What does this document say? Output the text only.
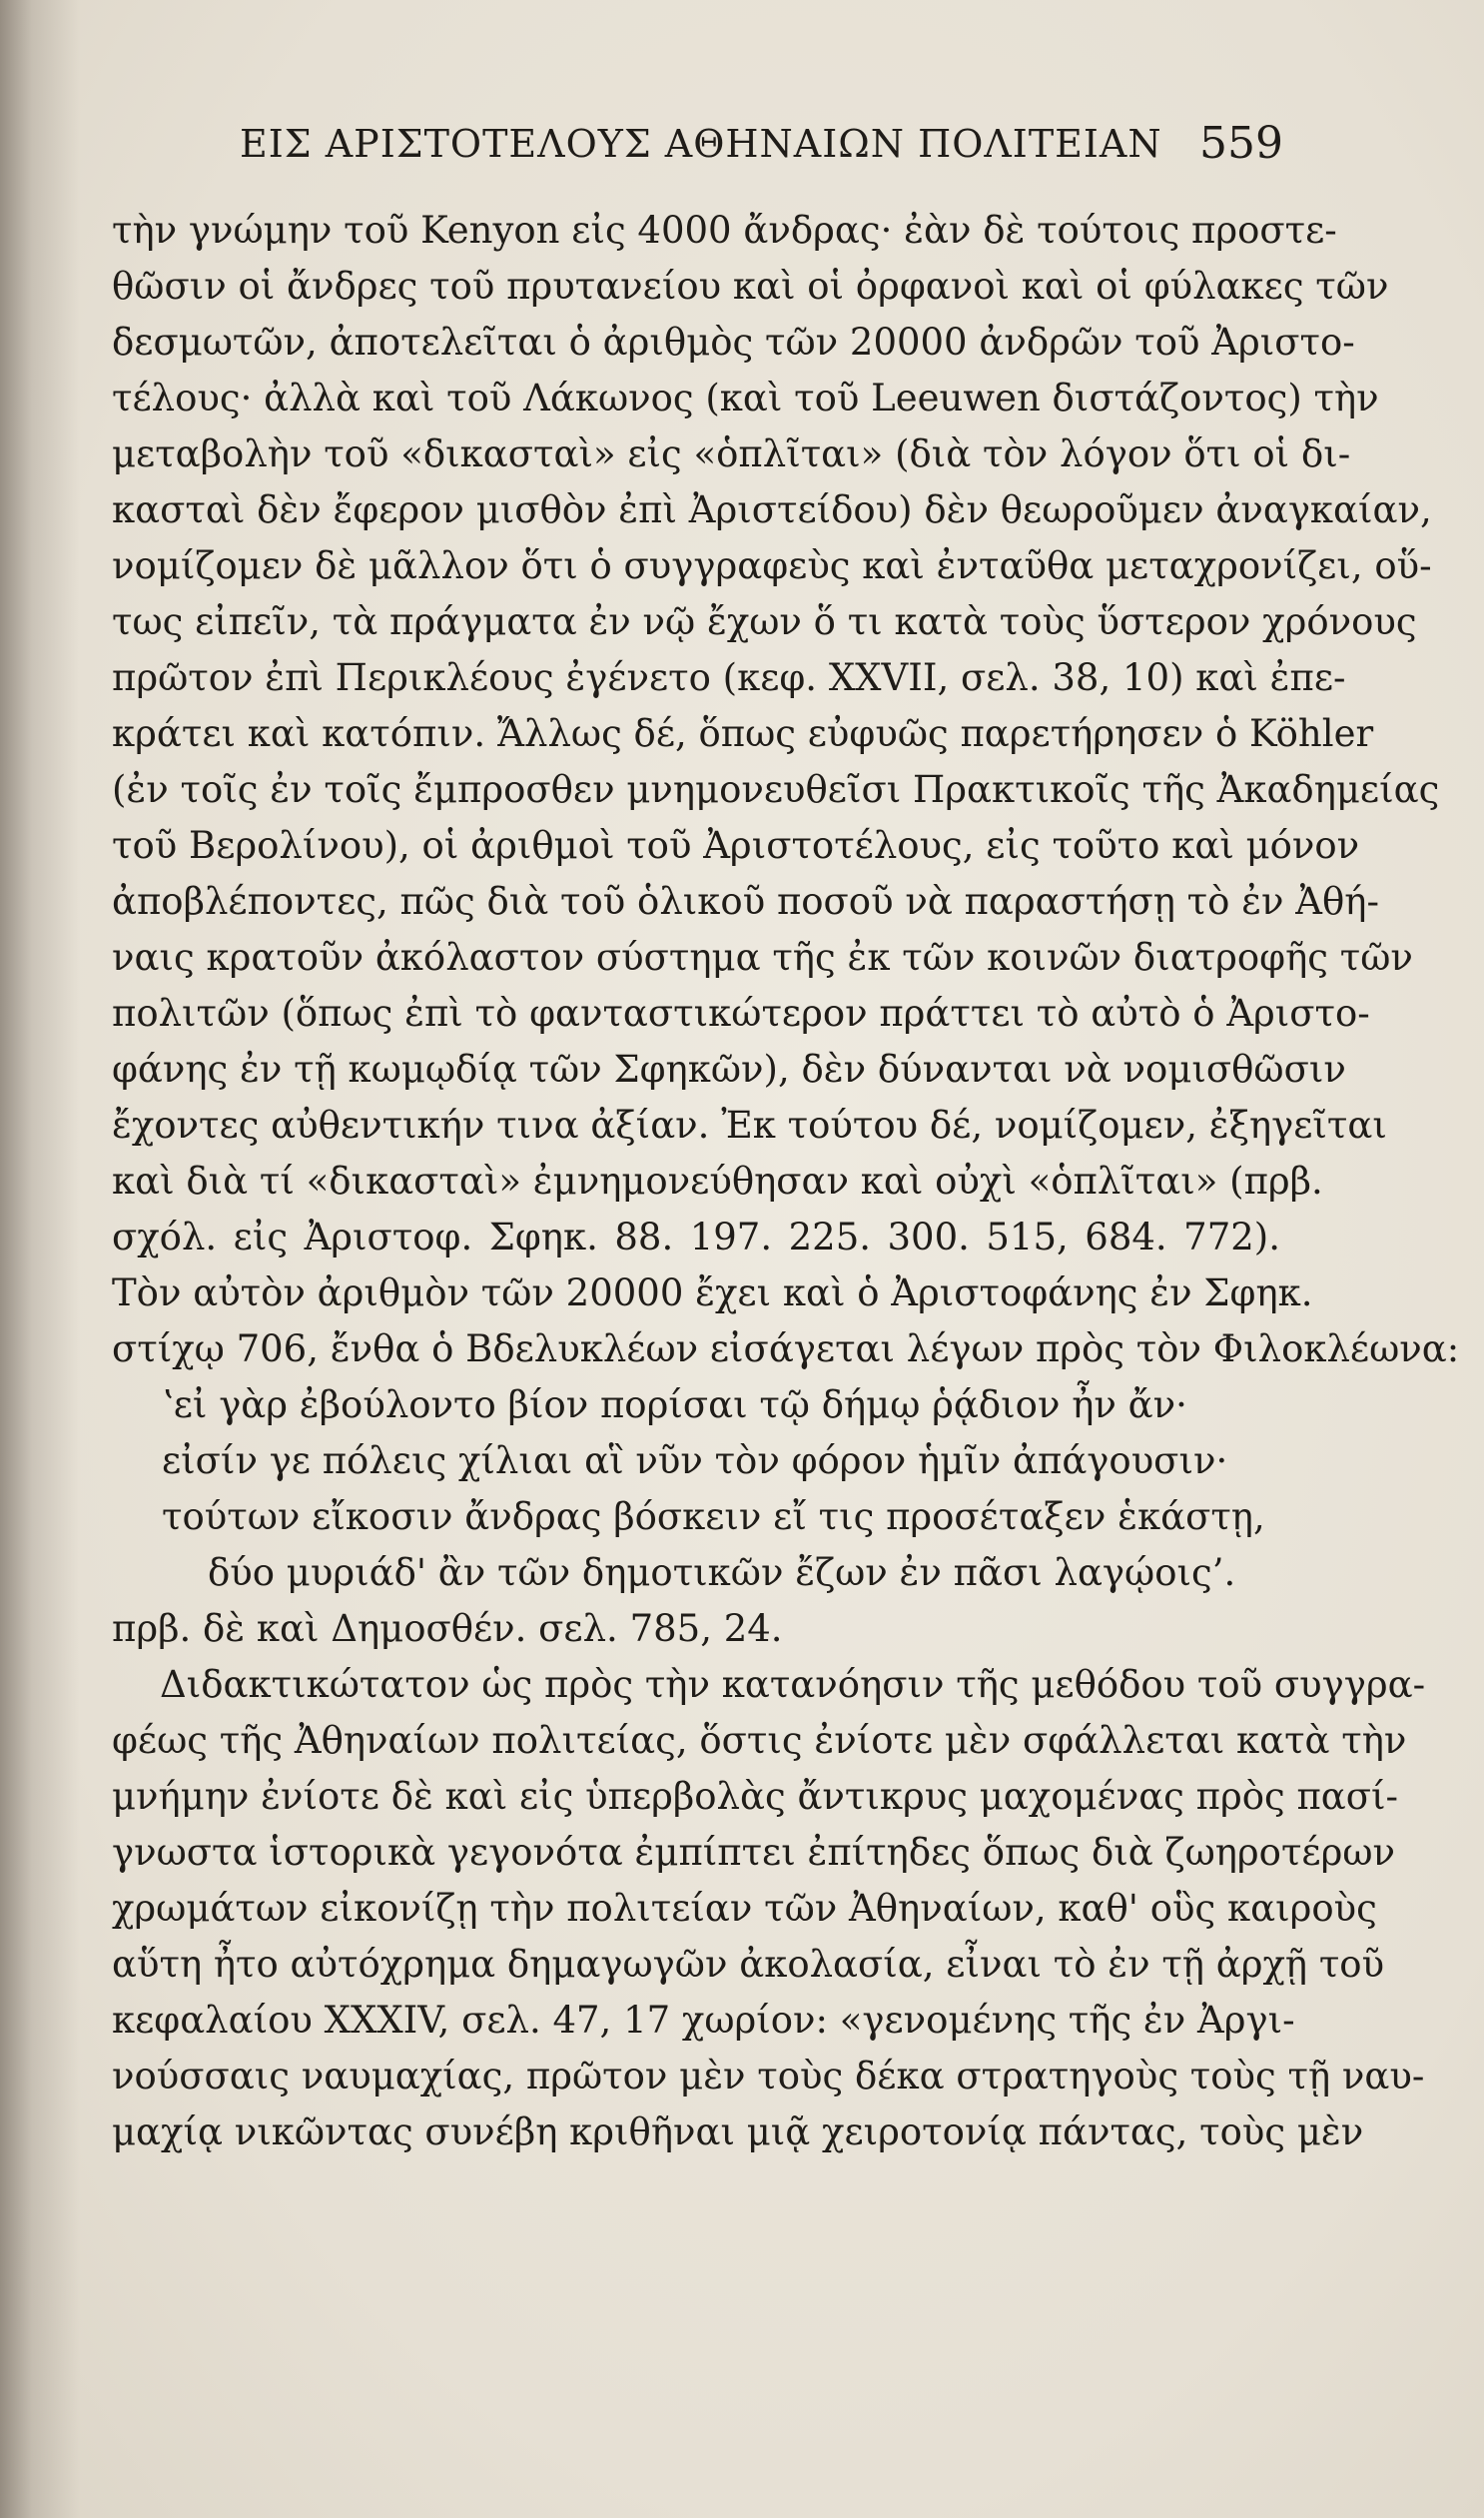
ΕΙΣ ΑΡΙΣΤΟΤΕΛΟΥΣ ΑΘΗΝΑΙΩΝ ΠΟΛΙΤΕΙΑΝ 559
τὴν γνώμην τοῦ Kenyon εἰς 4000 ἄνδρας· ἐὰν δὲ τούτοις προστε-
θῶσιν οἱ ἄνδρες τοῦ πρυτανείου καὶ οἱ ὀρφανοὶ καὶ οἱ φύλακες τῶν
δεσμωτῶν, ἀποτελεῖται ὁ ἀριθμὸς τῶν 20000 ἀνδρῶν τοῦ Ἀριστο-
τέλους· ἀλλὰ καὶ τοῦ Λάκωνος (καὶ τοῦ Leeuwen διστάζοντος) τὴν
μεταβολὴν τοῦ «δικασταὶ» εἰς «ὁπλῖται» (διὰ τὸν λόγον ὅτι οἱ δι-
κασταὶ δὲν ἔφερον μισθὸν ἐπὶ Ἀριστείδου) δὲν θεωροῦμεν ἀναγκαίαν,
νομίζομεν δὲ μᾶλλον ὅτι ὁ συγγραφεὺς καὶ ἐνταῦθα μεταχρονίζει, οὕ-
τως εἰπεῖν, τὰ πράγματα ἐν νῷ ἔχων ὅ τι κατὰ τοὺς ὕστερον χρόνους
πρῶτον ἐπὶ Περικλέους ἐγένετο (κεφ. XXVII, σελ. 38, 10) καὶ ἐπε-
κράτει καὶ κατόπιν. Ἄλλως δέ, ὅπως εὐφυῶς παρετήρησεν ὁ Köhler
(ἐν τοῖς ἐν τοῖς ἔμπροσθεν μνημονευθεῖσι Πρακτικοῖς τῆς Ἀκαδημείας
τοῦ Βερολίνου), οἱ ἀριθμοὶ τοῦ Ἀριστοτέλους, εἰς τοῦτο καὶ μόνον
ἀποβλέποντες, πῶς διὰ τοῦ ὁλικοῦ ποσοῦ νὰ παραστήσῃ τὸ ἐν Ἀθή-
ναις κρατοῦν ἀκόλαστον σύστημα τῆς ἐκ τῶν κοινῶν διατροφῆς τῶν
πολιτῶν (ὅπως ἐπὶ τὸ φανταστικώτερον πράττει τὸ αὐτὸ ὁ Ἀριστο-
φάνης ἐν τῇ κωμῳδίᾳ τῶν Σφηκῶν), δὲν δύνανται νὰ νομισθῶσιν
ἔχοντες αὐθεντικήν τινα ἀξίαν. Ἐκ τούτου δέ, νομίζομεν, ἐξηγεῖται
καὶ διὰ τί «δικασταὶ» ἐμνημονεύθησαν καὶ οὐχὶ «ὁπλῖται» (πρβ.
σχόλ. εἰς Ἀριστοφ. Σφηκ. 88. 197. 225. 300. 515, 684. 772).
Τὸν αὐτὸν ἀριθμὸν τῶν 20000 ἔχει καὶ ὁ Ἀριστοφάνης ἐν Σφηκ.
στίχῳ 706, ἔνθα ὁ Βδελυκλέων εἰσάγεται λέγων πρὸς τὸν Φιλοκλέωνα:
ʽεἰ γὰρ ἐβούλοντο βίον πορίσαι τῷ δήμῳ ῥᾴδιον ἦν ἄν·
εἰσίν γε πόλεις χίλιαι αἳ νῦν τὸν φόρον ἡμῖν ἀπάγουσιν·
τούτων εἴκοσιν ἄνδρας βόσκειν εἴ τις προσέταξεν ἑκάστῃ,
δύο μυριάδ' ἂν τῶν δημοτικῶν ἔζων ἐν πᾶσι λαγῴοις’.
πρβ. δὲ καὶ Δημοσθέν. σελ. 785, 24.
Διδακτικώτατον ὡς πρὸς τὴν κατανόησιν τῆς μεθόδου τοῦ συγγρα-
φέως τῆς Ἀθηναίων πολιτείας, ὅστις ἐνίοτε μὲν σφάλλεται κατὰ τὴν
μνήμην ἐνίοτε δὲ καὶ εἰς ὑπερβολὰς ἄντικρυς μαχομένας πρὸς πασί-
γνωστα ἱστορικὰ γεγονότα ἐμπίπτει ἐπίτηδες ὅπως διὰ ζωηροτέρων
χρωμάτων εἰκονίζῃ τὴν πολιτείαν τῶν Ἀθηναίων, καθ' οὓς καιροὺς
αὕτη ἦτο αὐτόχρημα δημαγωγῶν ἀκολασία, εἶναι τὸ ἐν τῇ ἀρχῇ τοῦ
κεφαλαίου XXXIV, σελ. 47, 17 χωρίον: «γενομένης τῆς ἐν Ἀργι-
νούσσαις ναυμαχίας, πρῶτον μὲν τοὺς δέκα στρατηγοὺς τοὺς τῇ ναυ-
μαχίᾳ νικῶντας συνέβη κριθῆναι μιᾷ χειροτονίᾳ πάντας, τοὺς μὲν
